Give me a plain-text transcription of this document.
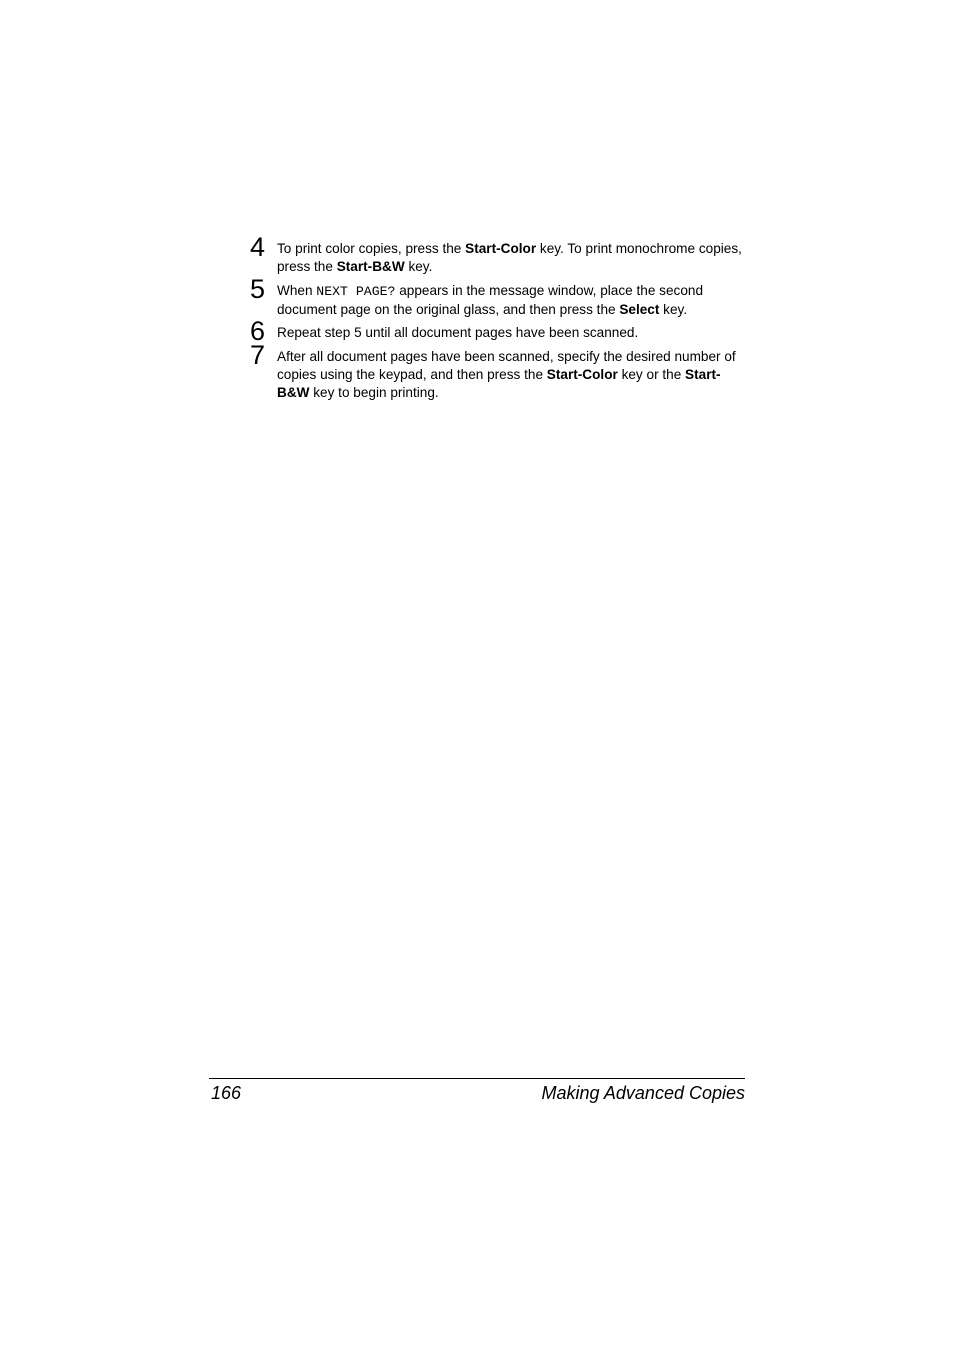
4 To print color copies, press the Start-Color key. To print monochrome copies, press the Start-B&W key.
5 When NEXT PAGE? appears in the message window, place the second document page on the original glass, and then press the Select key.
6 Repeat step 5 until all document pages have been scanned.
7 After all document pages have been scanned, specify the desired number of copies using the keypad, and then press the Start-Color key or the Start-B&W key to begin printing.
166	Making Advanced Copies
